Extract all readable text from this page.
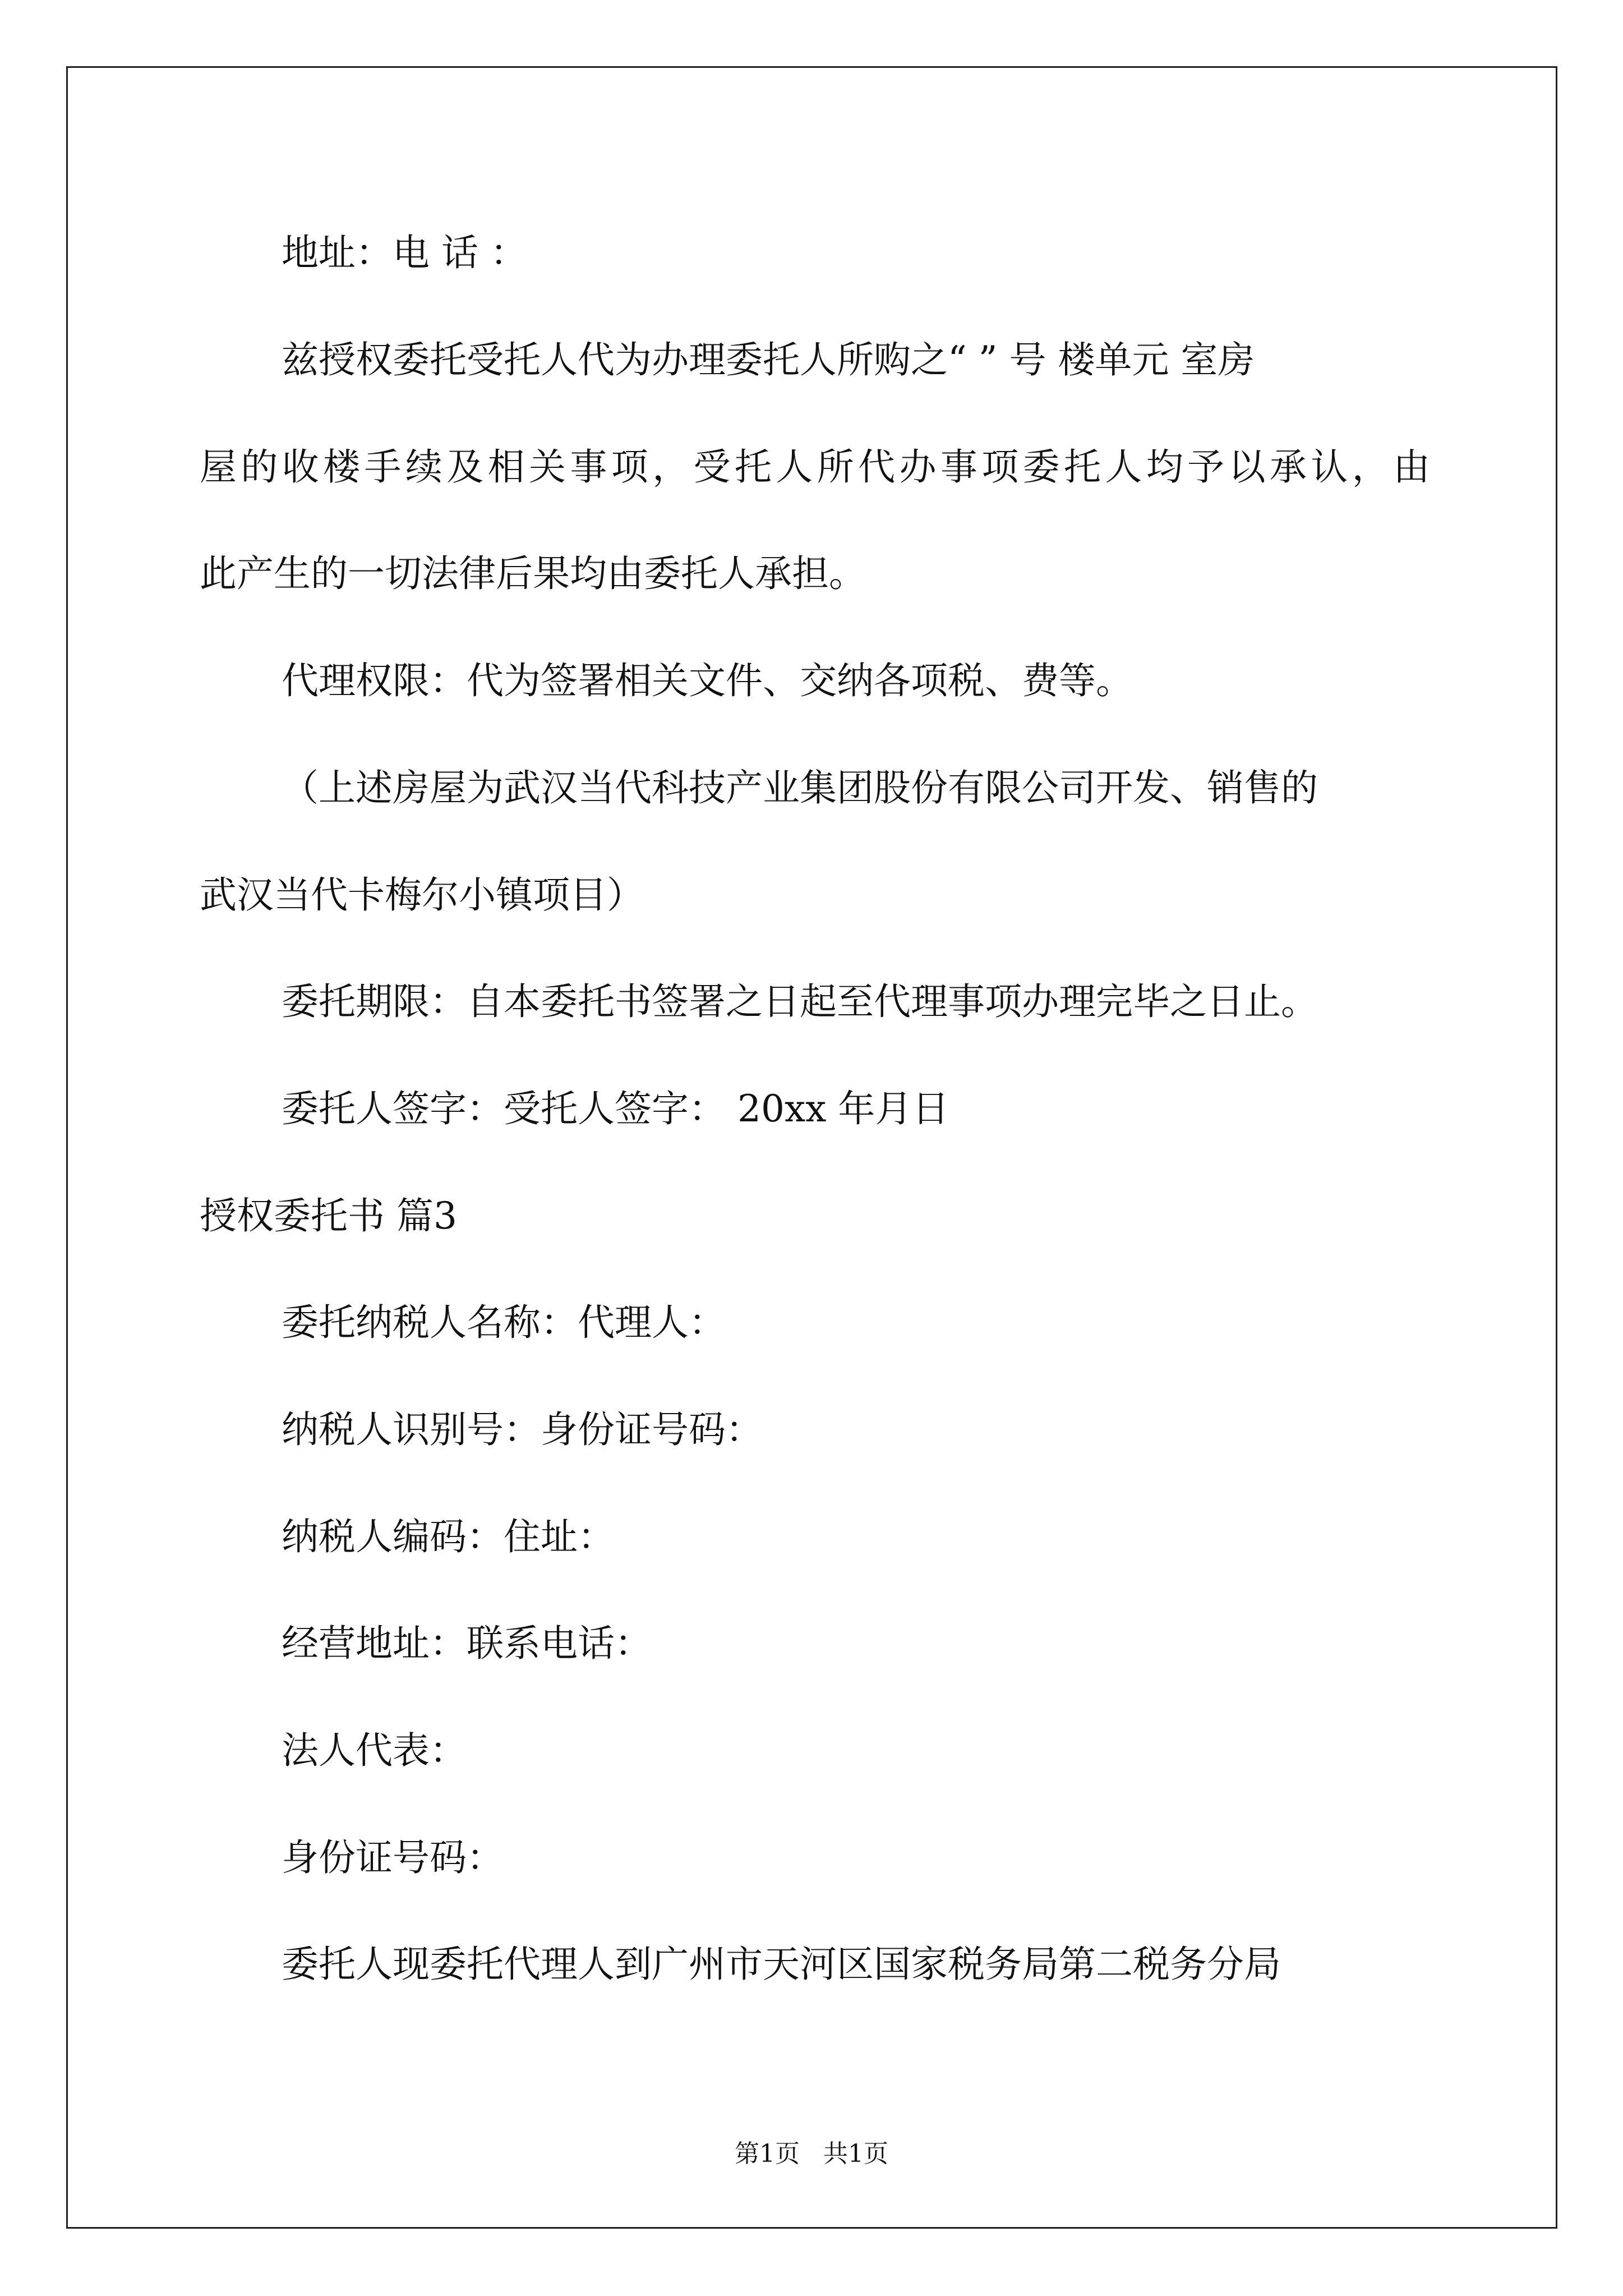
地址：电 话 ：

兹授权委托受托人代为办理委托人所购之“ ” 号 楼单元 室房

屋的收楼手续及相关事项，受托人所代办事项委托人均予以承认，由

此产生的一切法律后果均由委托人承担。

代理权限：代为签署相关文件、交纳各项税、费等。

（上述房屋为武汉当代科技产业集团股份有限公司开发、销售的

武汉当代卡梅尔小镇项目）

委托期限：自本委托书签署之日起至代理事项办理完毕之日止。

委托人签字：受托人签字： 20xx 年月日

授权委托书 篇3

委托纳税人名称：代理人：

纳税人识别号：身份证号码：

纳税人编码：住址：

经营地址：联系电话：

法人代表：

身份证号码：

委托人现委托代理人到广州市天河区国家税务局第二税务分局

第1页   共1页
